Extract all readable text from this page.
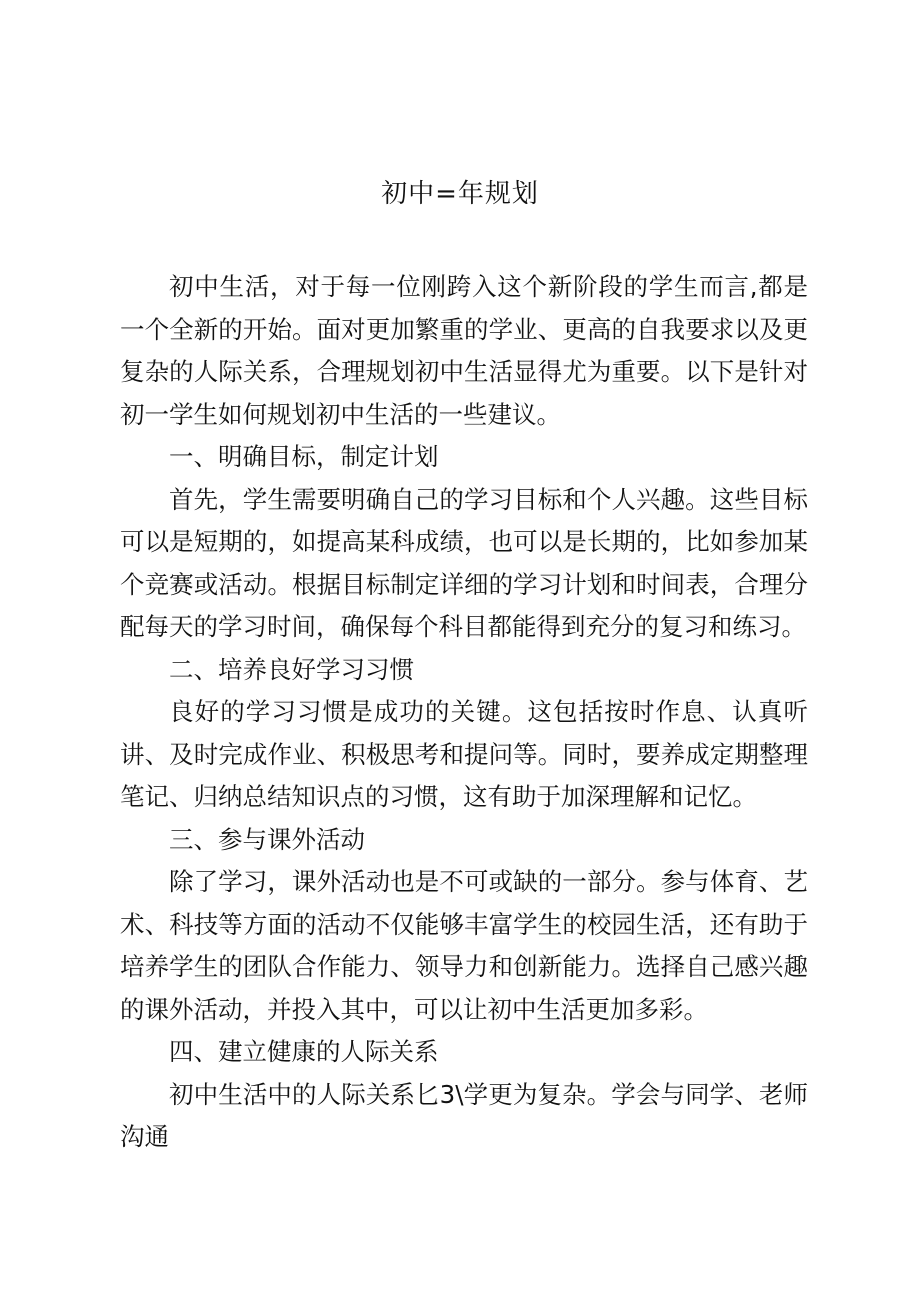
初中=年规划

初中生活，对于每一位刚跨入这个新阶段的学生而言,都是一个全新的开始。面对更加繁重的学业、更高的自我要求以及更复杂的人际关系，合理规划初中生活显得尤为重要。以下是针对初一学生如何规划初中生活的一些建议。

一、明确目标，制定计划

首先，学生需要明确自己的学习目标和个人兴趣。这些目标可以是短期的，如提高某科成绩，也可以是长期的，比如参加某个竞赛或活动。根据目标制定详细的学习计划和时间表，合理分配每天的学习时间，确保每个科目都能得到充分的复习和练习。

二、培养良好学习习惯

良好的学习习惯是成功的关键。这包括按时作息、认真听讲、及时完成作业、积极思考和提问等。同时，要养成定期整理笔记、归纳总结知识点的习惯，这有助于加深理解和记忆。

三、参与课外活动

除了学习，课外活动也是不可或缺的一部分。参与体育、艺术、科技等方面的活动不仅能够丰富学生的校园生活，还有助于培养学生的团队合作能力、领导力和创新能力。选择自己感兴趣的课外活动，并投入其中，可以让初中生活更加多彩。

四、建立健康的人际关系

初中生活中的人际关系匕3\学更为复杂。学会与同学、老师沟通
